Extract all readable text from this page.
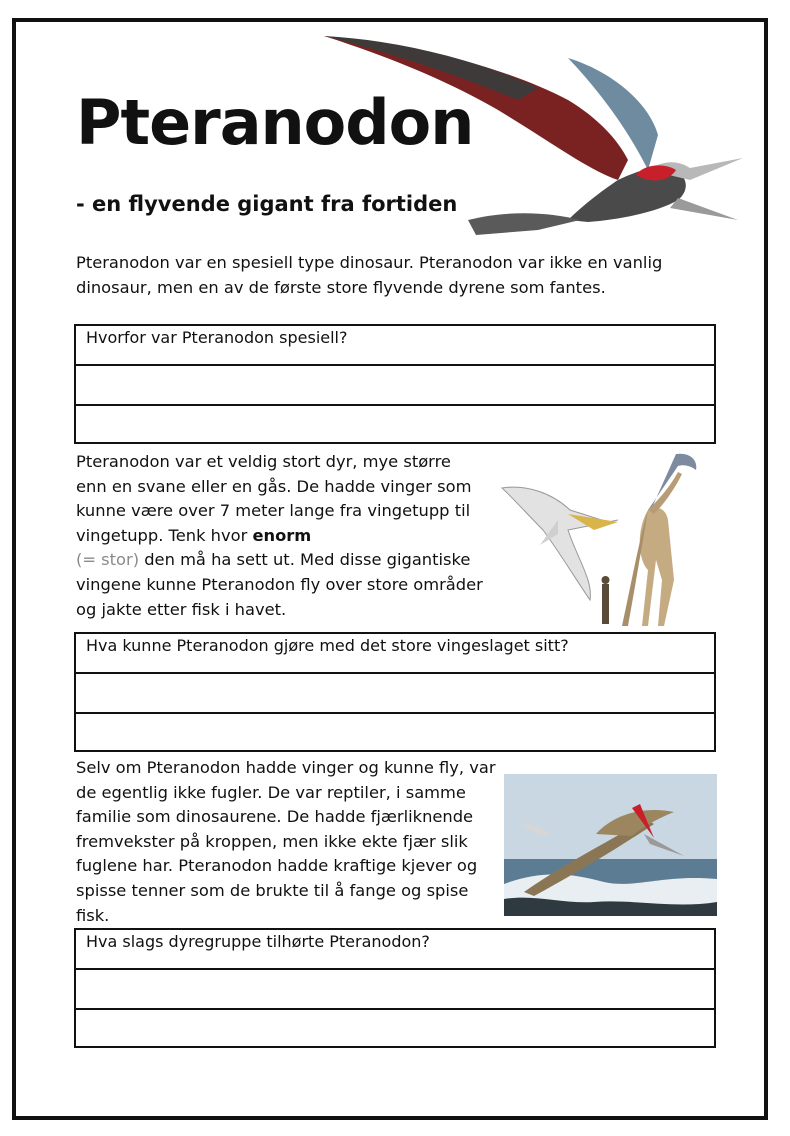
Pteranodon
- en flyvende gigant fra fortiden

Pteranodon var en spesiell type dinosaur. Pteranodon var ikke en vanlig dinosaur, men en av de første store flyvende dyrene som fantes.

Hvorfor var Pteranodon spesiell?

Pteranodon var et veldig stort dyr, mye større enn en svane eller en gås. De hadde vinger som kunne være over 7 meter lange fra vingetupp til vingetupp. Tenk hvor enorm
(= stor) den må ha sett ut. Med disse gigantiske vingene kunne Pteranodon fly over store områder og jakte etter fisk i havet.

Hva kunne Pteranodon gjøre med det store vingeslaget sitt?

Selv om Pteranodon hadde vinger og kunne fly, var de egentlig ikke fugler. De var reptiler, i samme familie som dinosaurene. De hadde fjærliknende fremvekster på kroppen, men ikke ekte fjær slik fuglene har. Pteranodon hadde kraftige kjever og spisse tenner som de brukte til å fange og spise fisk.

Hva slags dyregruppe tilhørte Pteranodon?
